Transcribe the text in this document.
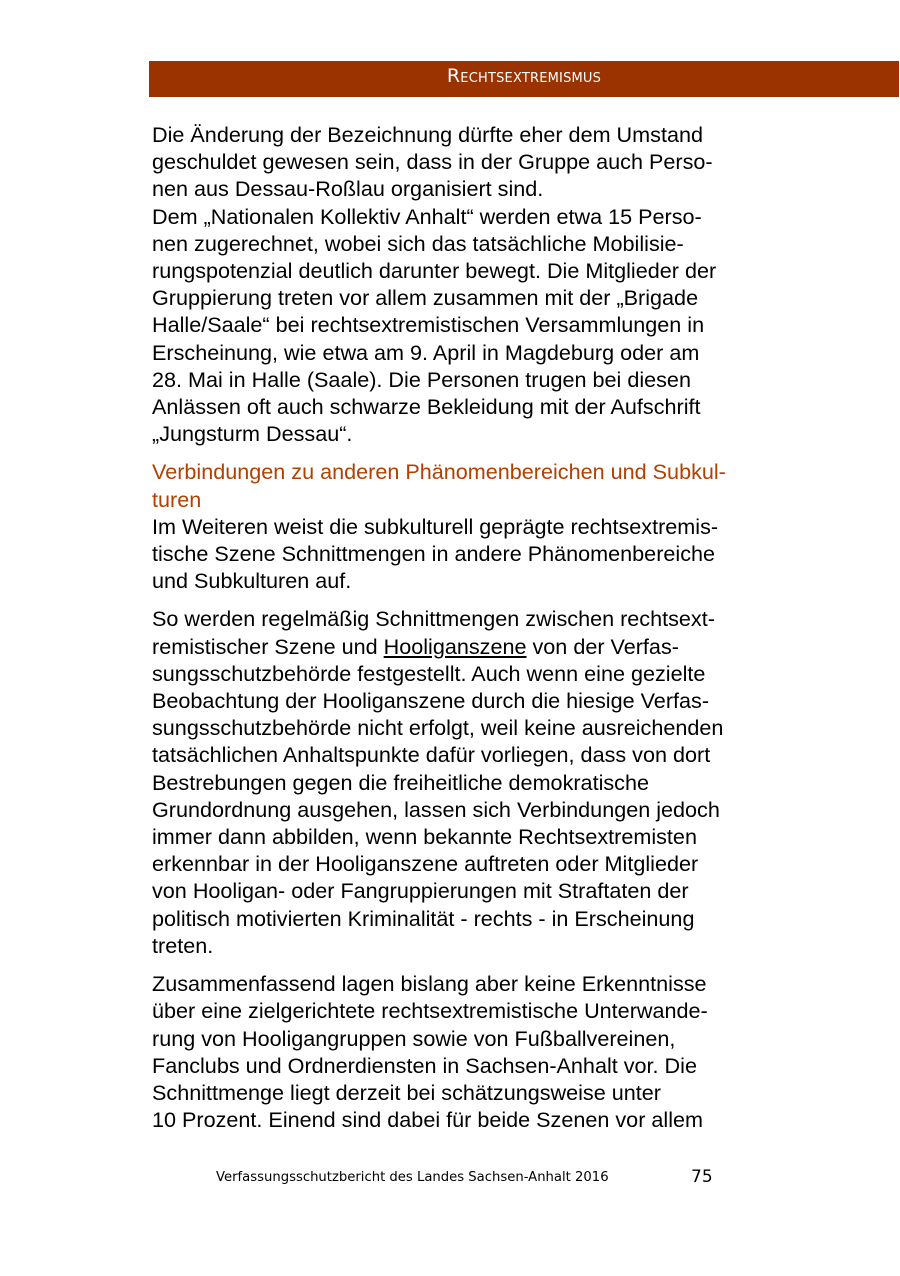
Rechtsextremismus

Die Änderung der Bezeichnung dürfte eher dem Umstand
geschuldet gewesen sein, dass in der Gruppe auch Perso-
nen aus Dessau-Roßlau organisiert sind.

Dem „Nationalen Kollektiv Anhalt“ werden etwa 15 Perso-
nen zugerechnet, wobei sich das tatsächliche Mobilisie-
rungspotenzial deutlich darunter bewegt. Die Mitglieder der
Gruppierung treten vor allem zusammen mit der „Brigade
Halle/Saale“ bei rechtsextremistischen Versammlungen in
Erscheinung, wie etwa am 9. April in Magdeburg oder am
28. Mai in Halle (Saale). Die Personen trugen bei diesen
Anlässen oft auch schwarze Bekleidung mit der Aufschrift
„Jungsturm Dessau“.

Verbindungen zu anderen Phänomenbereichen und Subkul-
turen

Im Weiteren weist die subkulturell geprägte rechtsextremis-
tische Szene Schnittmengen in andere Phänomenbereiche
und Subkulturen auf.

So werden regelmäßig Schnittmengen zwischen rechtsext-
remistischer Szene und Hooliganszene von der Verfas-
sungsschutzbehörde festgestellt. Auch wenn eine gezielte
Beobachtung der Hooliganszene durch die hiesige Verfas-
sungsschutzbehörde nicht erfolgt, weil keine ausreichenden
tatsächlichen Anhaltspunkte dafür vorliegen, dass von dort
Bestrebungen gegen die freiheitliche demokratische
Grundordnung ausgehen, lassen sich Verbindungen jedoch
immer dann abbilden, wenn bekannte Rechtsextremisten
erkennbar in der Hooliganszene auftreten oder Mitglieder
von Hooligan- oder Fangruppierungen mit Straftaten der
politisch motivierten Kriminalität - rechts - in Erscheinung
treten.

Zusammenfassend lagen bislang aber keine Erkenntnisse
über eine zielgerichtete rechtsextremistische Unterwande-
rung von Hooligangruppen sowie von Fußballvereinen,
Fanclubs und Ordnerdiensten in Sachsen-Anhalt vor. Die
Schnittmenge liegt derzeit bei schätzungsweise unter
10 Prozent. Einend sind dabei für beide Szenen vor allem

Verfassungsschutzbericht des Landes Sachsen-Anhalt 2016	75
